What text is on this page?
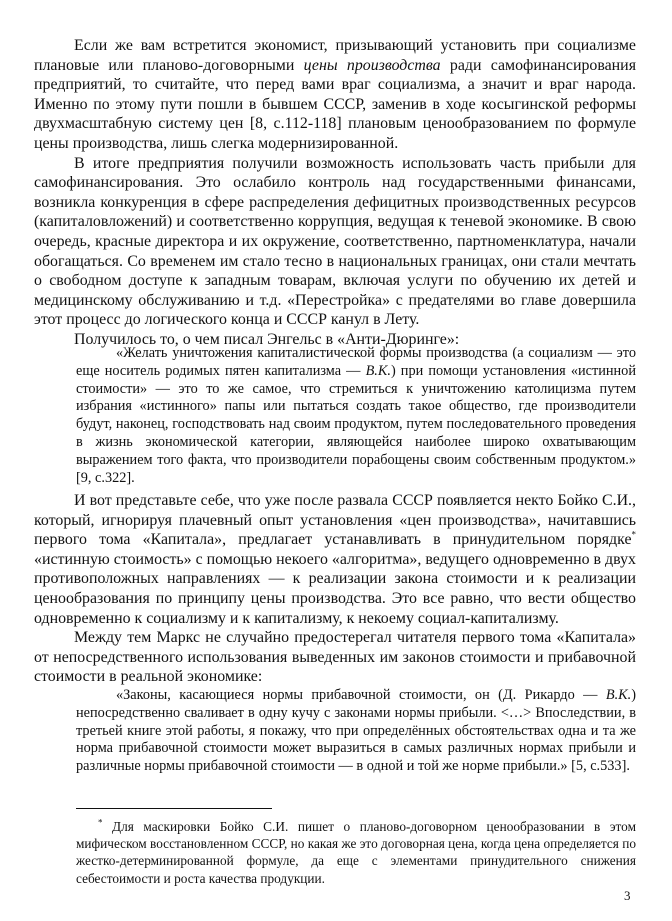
Если же вам встретится экономист, призывающий установить при социализме плановые или планово-договорными цены производства ради самофинансирования предприятий, то считайте, что перед вами враг социализма, а значит и враг народа. Именно по этому пути пошли в бывшем СССР, заменив в ходе косыгинской реформы двухмасштабную систему цен [8, с.112-118] плановым ценообразованием по формуле цены производства, лишь слегка модернизированной.

В итоге предприятия получили возможность использовать часть прибыли для самофинансирования. Это ослабило контроль над государственными финансами, возникла конкуренция в сфере распределения дефицитных производственных ресурсов (капиталовложений) и соответственно коррупция, ведущая к теневой экономике. В свою очередь, красные директора и их окружение, соответственно, партноменклатура, начали обогащаться. Со временем им стало тесно в национальных границах, они стали мечтать о свободном доступе к западным товарам, включая услуги по обучению их детей и медицинскому обслуживанию и т.д. «Перестройка» с предателями во главе довершила этот процесс до логического конца и СССР канул в Лету.

Получилось то, о чем писал Энгельс в «Анти-Дюринге»:

«Желать уничтожения капиталистической формы производства (а социализм — это еще носитель родимых пятен капитализма — В.К.) при помощи установления «истинной стоимости» — это то же самое, что стремиться к уничтожению католицизма путем избрания «истинного» папы или пытаться создать такое общество, где производители будут, наконец, господствовать над своим продуктом, путем последовательного проведения в жизнь экономической категории, являющейся наиболее широко охватывающим выражением того факта, что производители порабощены своим собственным продуктом.» [9, с.322].

И вот представьте себе, что уже после развала СССР появляется некто Бойко С.И., который, игнорируя плачевный опыт установления «цен производства», начитавшись первого тома «Капитала», предлагает устанавливать в принудительном порядке* «истинную стоимость» с помощью некоего «алгоритма», ведущего одновременно в двух противоположных направлениях — к реализации закона стоимости и к реализации ценообразования по принципу цены производства. Это все равно, что вести общество одновременно к социализму и к капитализму, к некоему социал-капитализму.

Между тем Маркс не случайно предостерегал читателя первого тома «Капитала» от непосредственного использования выведенных им законов стоимости и прибавочной стоимости в реальной экономике:

«Законы, касающиеся нормы прибавочной стоимости, он (Д. Рикардо — В.К.) непосредственно сваливает в одну кучу с законами нормы прибыли. <…> Впоследствии, в третьей книге этой работы, я покажу, что при определённых обстоятельствах одна и та же норма прибавочной стоимости может выразиться в самых различных нормах прибыли и различные нормы прибавочной стоимости — в одной и той же норме прибыли.» [5, с.533].

* Для маскировки Бойко С.И. пишет о планово-договорном ценообразовании в этом мифическом восстановленном СССР, но какая же это договорная цена, когда цена определяется по жестко-детерминированной формуле, да еще с элементами принудительного снижения себестоимости и роста качества продукции.

3
